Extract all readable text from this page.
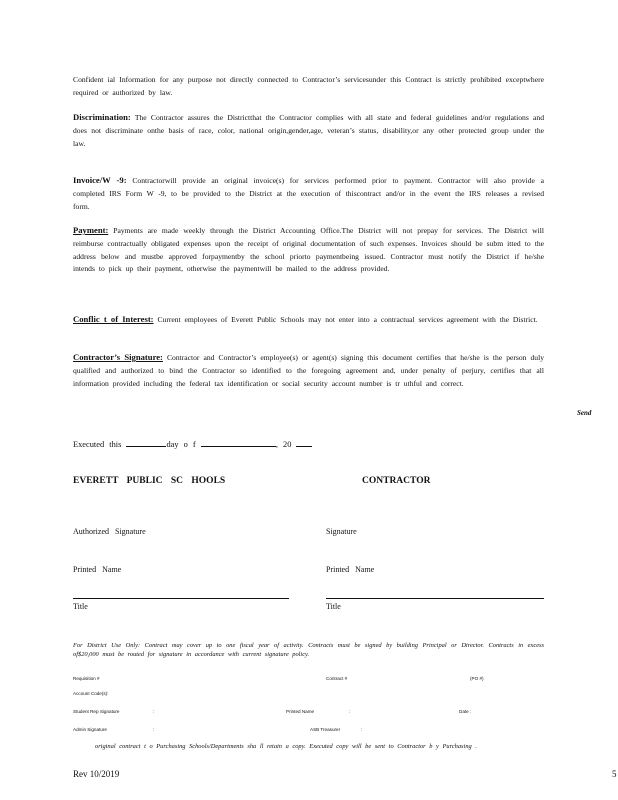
Confident ial Information for any purpose not directly connected to Contractor’s servicesunder this Contract is strictly prohibited exceptwhere required or authorized by law.
Discrimination: The Contractor assures the Districtthat the Contractor complies with all state and federal guidelines and/or regulations and does not discriminate onthe basis of race, color, national origin,gender,age, veteran’s status, disability,or any other protected group under the law.
Invoice/W -9: Contractorwill provide an original invoice(s) for services performed prior to payment. Contractor will also provide a completed IRS Form W -9, to be provided to the District at the execution of thiscontract and/or in the event the IRS releases a revised form.
Payment: Payments are made weekly through the District Accounting Office.The District will not prepay for services. The District will reimburse contractually obligated expenses upon the receipt of original documentation of such expenses. Invoices should be subm itted to the address below and mustbe approved forpaymentby the school priorto paymentbeing issued. Contractor must notify the District if he/she intends to pick up their payment, otherwise the paymentwill be mailed to the address provided.
Conflic t of Interest: Current employees of Everett Public Schools may not enter into a contractual services agreement with the District.
Contractor’s Signature: Contractor and Contractor’s employee(s) or agent(s) signing this document certifies that he/she is the person duly qualified and authorized to bind the Contractor so identified to the foregoing agreement and, under penalty of perjury, certifies that all information provided including the federal tax identification or social security account number is tr uthful and correct.
Send
Executed this	day o f	, 20
EVERETT PUBLIC SC HOOLS	CONTRACTOR
Authorized Signature	Signature
Printed Name	Printed Name
Title	Title
For District Use Only: Contract may cover up to one fiscal year of activity. Contracts must be signed by building Principal or Director. Contracts in excess of$20,000 must be routed for signature in accordance with current signature policy.
Requisition #	Contract #	(PO #)
Account Code(s):
Student Rep Signature	:	Printed Name	:	Date :
Admin Signature	:	ASB Treasurer	:
original contract t o Purchasing Schools/Departments sha ll retain a copy. Executed copy will be sent to Contractor b y Purchasing .
Rev 10/2019	5
